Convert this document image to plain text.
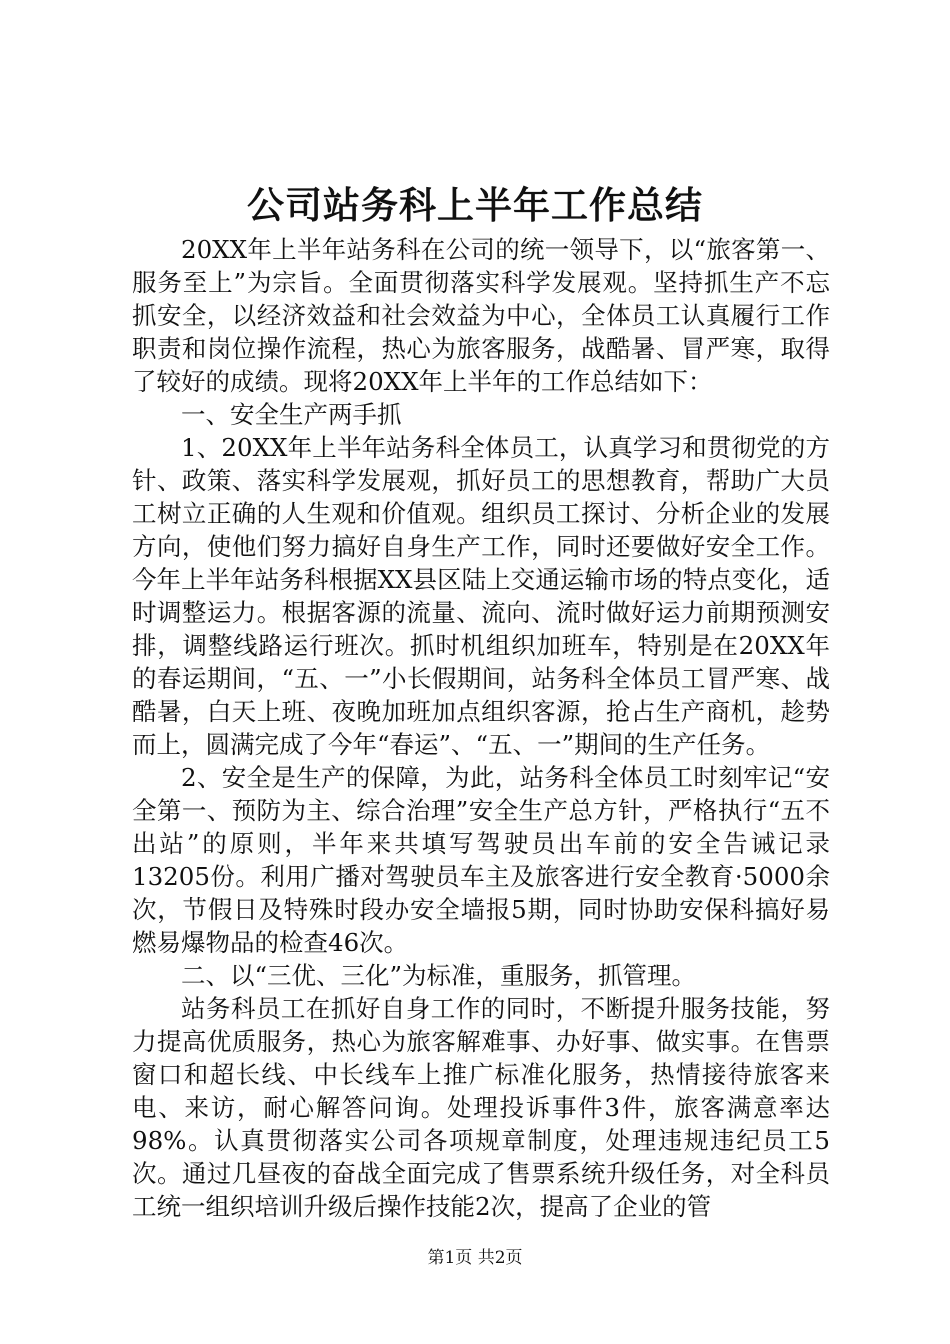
公司站务科上半年工作总结

20XX年上半年站务科在公司的统一领导下，以“旅客第一、服务至上”为宗旨。全面贯彻落实科学发展观。坚持抓生产不忘抓安全，以经济效益和社会效益为中心，全体员工认真履行工作职责和岗位操作流程，热心为旅客服务，战酷暑、冒严寒，取得了较好的成绩。现将20XX年上半年的工作总结如下：

一、安全生产两手抓

1、20XX年上半年站务科全体员工，认真学习和贯彻党的方针、政策、落实科学发展观，抓好员工的思想教育，帮助广大员工树立正确的人生观和价值观。组织员工探讨、分析企业的发展方向，使他们努力搞好自身生产工作，同时还要做好安全工作。今年上半年站务科根据XX县区陆上交通运输市场的特点变化，适时调整运力。根据客源的流量、流向、流时做好运力前期预测安排，调整线路运行班次。抓时机组织加班车，特别是在20XX年的春运期间，“五、一”小长假期间，站务科全体员工冒严寒、战酷暑，白天上班、夜晚加班加点组织客源，抢占生产商机，趁势而上，圆满完成了今年“春运”、“五、一”期间的生产任务。

2、安全是生产的保障，为此，站务科全体员工时刻牢记“安全第一、预防为主、综合治理”安全生产总方针，严格执行“五不出站”的原则，半年来共填写驾驶员出车前的安全告诫记录13205份。利用广播对驾驶员车主及旅客进行安全教育·5000余次，节假日及特殊时段办安全墙报5期，同时协助安保科搞好易燃易爆物品的检查46次。

二、以“三优、三化”为标准，重服务，抓管理。

站务科员工在抓好自身工作的同时，不断提升服务技能，努力提高优质服务，热心为旅客解难事、办好事、做实事。在售票窗口和超长线、中长线车上推广标准化服务，热情接待旅客来电、来访，耐心解答问询。处理投诉事件3件，旅客满意率达98%。认真贯彻落实公司各项规章制度，处理违规违纪员工5次。通过几昼夜的奋战全面完成了售票系统升级任务，对全科员工统一组织培训升级后操作技能2次，提高了企业的管

第1页 共2页
